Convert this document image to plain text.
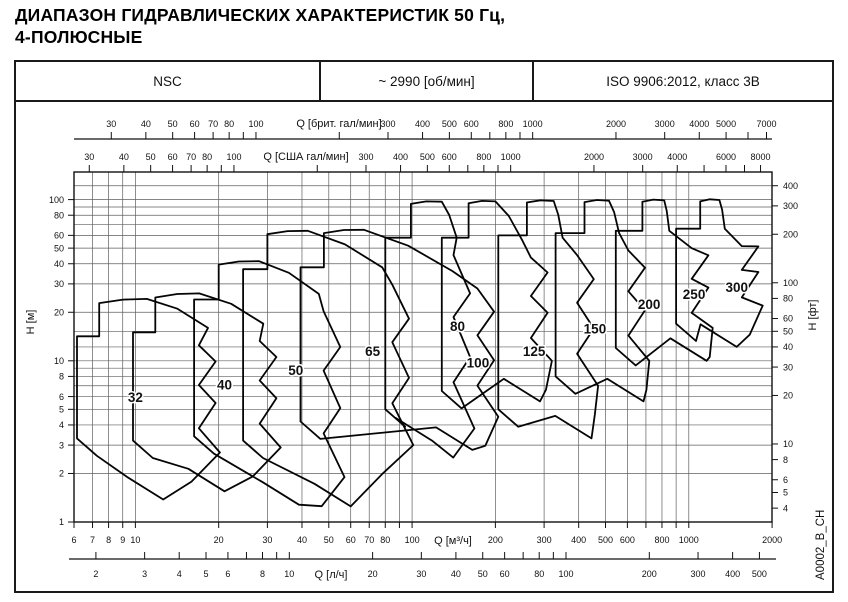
ДИАПАЗОН ГИДРАВЛИЧЕСКИХ ХАРАКТЕРИСТИК 50 Гц,
4-ПОЛЮСНЫЕ
NSC	~ 2990 [об/мин]	ISO 9906:2012, класс 3B
32
40
50
65
80
100
125
150
200
250 300
30	40 50 60 70 80 100	300 400 500 600 800 1000	2000	3000 4000 5000 7000
Q [брит. гал/мин]
30	40 50 60 70 80 100	300 400 500 600 800 1000	2000	3000 4000	6000 8000
Q [США гал/мин]
6 7 8 9 10	20	30	40 50 60 70 80 100	200	300 400 500 600 800 1000	2000
Q [м³/ч]
2	3	4 5 6	8 10	20	30	40 50 60	80 100	200	300 400 500
Q [л/ч]
100
80
60
50
40
30
20
10
8
6
5
4
3
2
1
H [м]
400
300
200
100
80
60
50
40
30
20
10
8
6
5
4
H [фт]
A0002_B_CH
